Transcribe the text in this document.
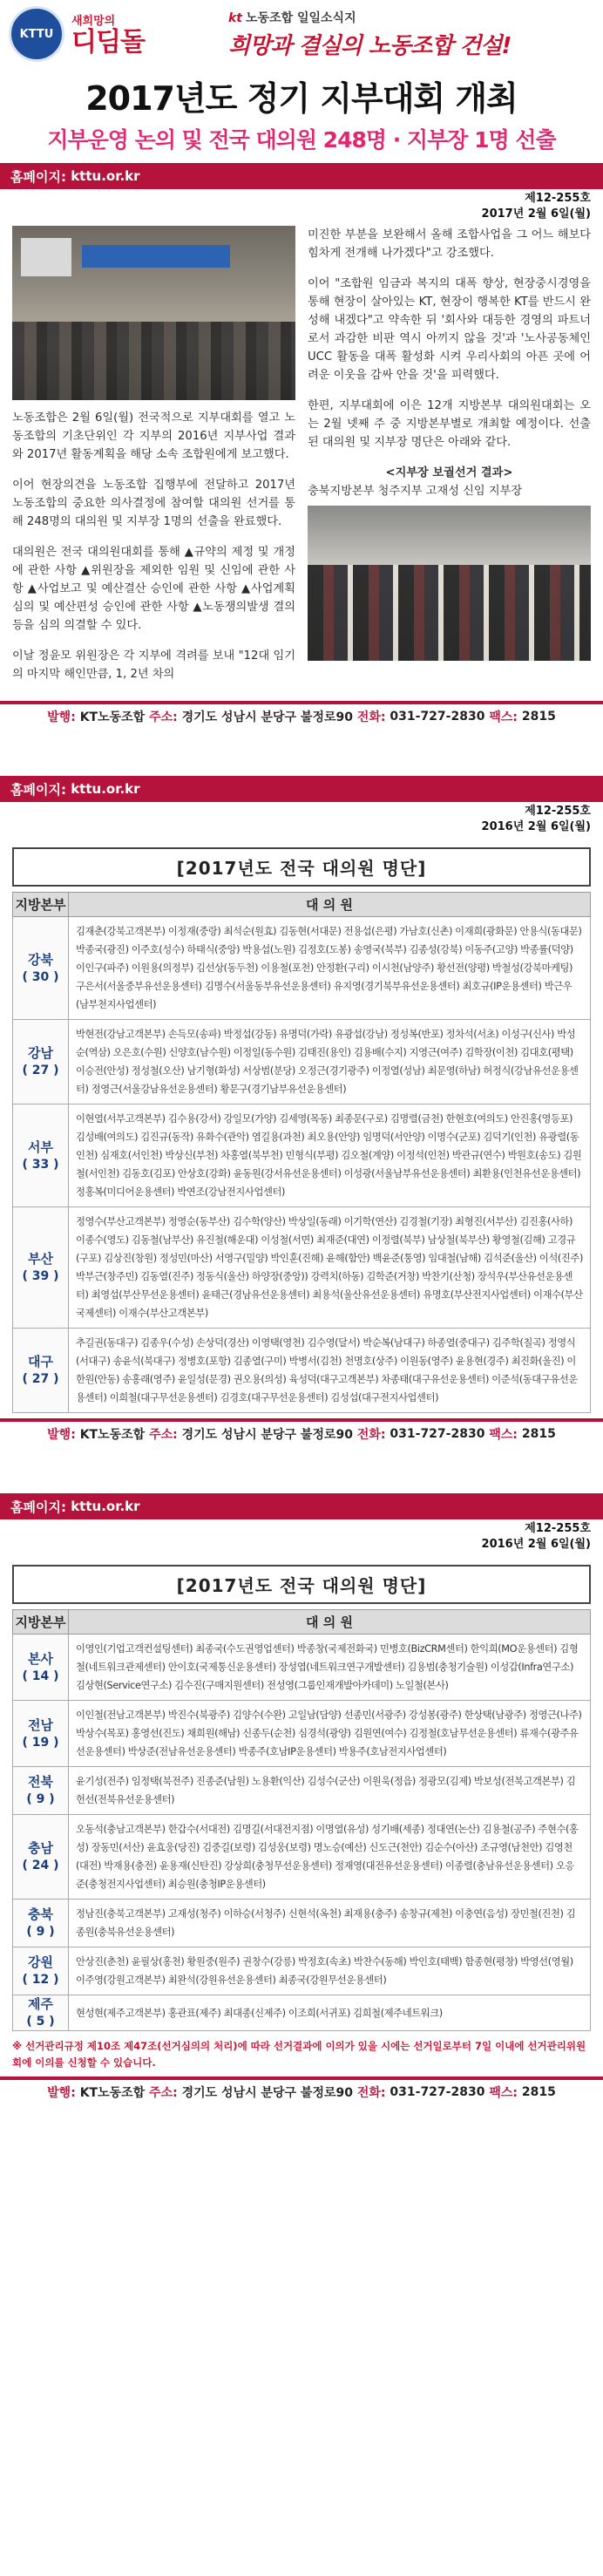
KTTU
새희망의
디딤돌
kt 노동조합 일일소식지
희망과 결실의 노동조합 건설!
2017년도 정기 지부대회 개최
지부운영 논의 및 전국 대의원 248명 · 지부장 1명 선출
홈페이지:
kttu.or.kr
제12-255호
2017년 2월 6일(월)

노동조합은 2월 6일(월) 전국적으로 지부대회를 열고 노동조합의 기초단위인 각 지부의 2016년 지부사업 결과와 2017년 활동계획을 해당 소속 조합원에게 보고했다.

이어 현장의견을 노동조합 집행부에 전달하고 2017년 노동조합의 중요한 의사결정에 참여할 대의원 선거를 통해 248명의 대의원 및 지부장 1명의 선출을 완료했다.

대의원은 전국 대의원대회를 통해 ▲규약의 제정 및 개정에 관한 사항 ▲위원장을 제외한 임원 및 신임에 관한 사항 ▲사업보고 및 예산결산 승인에 관한 사항 ▲사업계획 심의 및 예산편성 승인에 관한 사항 ▲노동쟁의발생 결의 등을 심의 의결할 수 있다.

이날 정윤모 위원장은 각 지부에 격려를 보내 "12대 임기의 마지막 해인만큼, 1, 2년 차의

미진한 부분을 보완해서 올해 조합사업을 그 어느 해보다 힘차게 전개해 나가겠다"고 강조했다.

이어 "조합원 임금과 복지의 대폭 향상, 현장중시경영을 통해 현장이 살아있는 KT, 현장이 행복한 KT를 반드시 완성해 내겠다"고 약속한 뒤 '회사와 대등한 경영의 파트너로서 과감한 비판 역시 아끼지 않을 것'과 '노사공동체인 UCC 활동을 대폭 활성화 시켜 우리사회의 아픈 곳에 어려운 이웃을 감싸 안을 것'을 피력했다.

한편, 지부대회에 이은 12개 지방본부 대의원대회는 오는 2월 넷째 주 중 지방본부별로 개최할 예정이다. 선출된 대의원 및 지부장 명단은 아래와 같다.

<지부장 보궐선거 결과>
충북지방본부 청주지부 고재성 신임 지부장
발행:
KT노동조합
주소:
경기도 성남시 분당구 불정로90
전화:
031-727-2830
팩스:
2815
홈페이지:
kttu.or.kr
제12-255호
2016년 2월 6일(월)
[2017년도 전국 대의원 명단]
지방본부	대 의 원

강북
( 30 )	김재춘(강북고객본부) 이정재(중랑) 최석순(원효) 김동현(서대문) 전용섭(은평) 가남호(신촌) 이재희(광화문) 안용식(동대문) 박종국(광진) 이주호(성수) 하태식(중앙) 박용섭(노원) 김정호(도봉) 송영국(북부) 김종성(강북) 이동주(고양) 박종률(덕양) 이인구(파주) 이원용(의정부) 김선상(동두천) 이용철(포천) 안정환(구리) 이시천(남양주) 황선전(양평) 박철성(강북마케팅) 구은서(서울중부유선운용센터) 김명수(서울동부유선운용센터) 유지영(경기북부유선운용센터) 최호규(IP운용센터) 박근우(남부천지사업센터)

강남
( 27 )	박현전(강남고객본부) 손득모(송파) 박정섭(강동) 유명덕(가락) 유광섭(강남) 정성복(반포) 정차석(서초) 이성구(신사) 박성순(역삼) 오은호(수원) 신양호(남수원) 이정일(동수원) 김태진(용인) 김용배(수지) 지영근(여주) 김학장(이천) 김대호(평택) 이승전(안성) 정성철(오산) 남기형(화성) 서상범(분당) 오정근(경기광주) 이정열(성남) 최문영(하남) 허정식(강남유선운용센터) 정영근(서울강남유선운용센터) 황문구(경기남부유선운용센터)

서부
( 33 )	이현열(서부고객본부) 김수용(강서) 강일모(가양) 김세영(목동) 최종문(구로) 김명렬(금천) 한현호(여의도) 안진홍(영등포) 김성배(여의도) 김진규(동작) 유화수(관악) 염길용(과천) 최오용(안양) 임명덕(서안양) 이명수(군포) 김덕기(인천) 유광렬(동인천) 심재호(서인천) 박상신(부천) 차홍열(북부천) 민형식(부평) 김오철(계양) 이정석(인천) 박관규(연수) 박원호(송도) 김원철(서인천) 김동호(김포) 안상호(강화) 윤동원(강서유선운용센터) 이성광(서울남부유선운용센터) 최환용(인천유선운용센터) 정홍복(미디어운용센터) 박연조(강남전지사업센터)

부산
( 39 )	정영수(부산고객본부) 정영순(동부산) 김수학(양산) 박상일(동래) 이기학(연산) 김경철(기장) 최형진(서부산) 김진홍(사하) 이종수(영도) 김동철(남부산) 유진철(해운대) 이성철(서면) 최재준(대연) 이정렬(북부) 남상철(북부산) 황영철(김해) 고경규(구포) 김상진(창원) 정성민(마산) 서영구(밀양) 박인훈(진해) 윤해(함안) 백윤준(통영) 임대철(남해) 김석준(울산) 이석(진주) 박부근(창주민) 김동열(진주) 정동식(울산) 하양장(중앙)) 강력치(하동) 김학준(거창) 박찬기(산청) 장석우(부산유선운용센터) 최영섭(부산무선운용센터) 윤태근(경남유선운용센터) 최용석(울산유선운용센터) 유명호(부산전지사업센터) 이재수(부산국제센터) 이재수(부산고객본부)

대구
( 27 )	추길권(동대구) 김종우(수성) 손상덕(경산) 이영택(영천) 김수영(달서) 박순복(남대구) 하종열(중대구) 김주학(칠곡) 정영식(서대구) 송윤석(북대구) 정병호(포항) 김종열(구미) 박병서(김천) 천명호(상주) 이원동(영주) 윤용현(경주) 최진화(울진) 이한원(안동) 송홍래(영주) 윤일성(문경) 권오용(의성) 육성덕(대구고객본부) 차종태(대구유선운용센터) 이준석(동대구유선운용센터) 이희철(대구무선운용센터) 김경호(대구무선운용센터) 김성섭(대구전지사업센터)
발행:
KT노동조합
주소:
경기도 성남시 분당구 불정로90
전화:
031-727-2830
팩스:
2815
홈페이지:
kttu.or.kr
제12-255호
2016년 2월 6일(월)
[2017년도 전국 대의원 명단]
지방본부	대 의 원

본사
( 14 )	이영인(기업고객컨설팅센터) 최종국(수도권영업센터) 박종창(국제전화국) 민병호(BizCRM센터) 한익희(MO운용센터) 김형철(네트워크관제센터) 안이호(국제통신운용센터) 장성엽(네트워크연구개발센터) 김용범(충청기술원) 이성갑(Infra연구소) 김상현(Service연구소) 김수진(구매지원센터) 전성영(그룹인재개발아카데미) 노일철(본사)

전남
( 19 )	이인철(전남고객본부) 박진수(북광주) 김양수(수완) 고일남(담양) 선종민(서광주) 강성봉(광주) 한상택(남광주) 정영근(나주) 박상수(목포) 홍영선(진도) 채희원(해남) 신종두(순천) 심경석(광양) 김원연(여수) 김정철(호남무선운용센터) 류재수(광주유선운용센터) 박상준(전남유선운용센터) 박종주(호남IP운용센터) 박용주(호남전지사업센터)

전북
( 9 )	윤기성(전주) 임정택(북전주) 진종준(남원) 노용환(익산) 김성수(군산) 이원욱(정읍) 정광모(김제) 박보성(전북고객본부) 김헌선(전북유선운용센터)

충남
( 24 )	오동석(충남고객본부) 한갑수(서대전) 김명길(서대전지점) 이명열(유성) 성기배(세종) 정대연(논산) 김용철(공주) 주현수(홍성) 장동민(서산) 윤효웅(당진) 김중길(보령) 김성웅(보령) 명노승(예산) 신도근(천안) 김순수(아산) 조규영(남천안) 김영천(대전) 박재용(충전) 윤용재(신탄진) 강상희(충청무선운용센터) 정재영(대전유선운용센터) 이종렬(충남유선운용센터) 오응준(충청전지사업센터) 최승원(충청IP운용센터)

충북
( 9 )	정남진(충북고객본부) 고재성(청주) 이하승(서청주) 신현석(옥천) 최재용(충주) 송창규(제천) 이충연(음성) 장민철(진천) 김종원(충북유선운용센터)

강원
( 12 )	안상진(춘천) 윤필상(홍천) 황원중(원주) 권창수(강릉) 박정호(속초) 박찬수(동해) 박인호(태백) 함종현(평창) 박영선(영월) 이주영(강원고객본부) 최완석(강원유선운용센터) 최종국(강원무선운용센터)

제주
( 5 )	현성현(제주고객본부) 홍관표(제주) 최대종(신제주) 이조희(서귀포) 김희철(제주네트워크)
※ 선거관리규정 제10조 제47조(선거심의의 처리)에 따라 선거결과에 이의가 있을 시에는 선거일로부터 7일 이내에 선거관리위원회에 이의를 신청할 수 있습니다.
발행:
KT노동조합
주소:
경기도 성남시 분당구 불정로90
전화:
031-727-2830
팩스:
2815
